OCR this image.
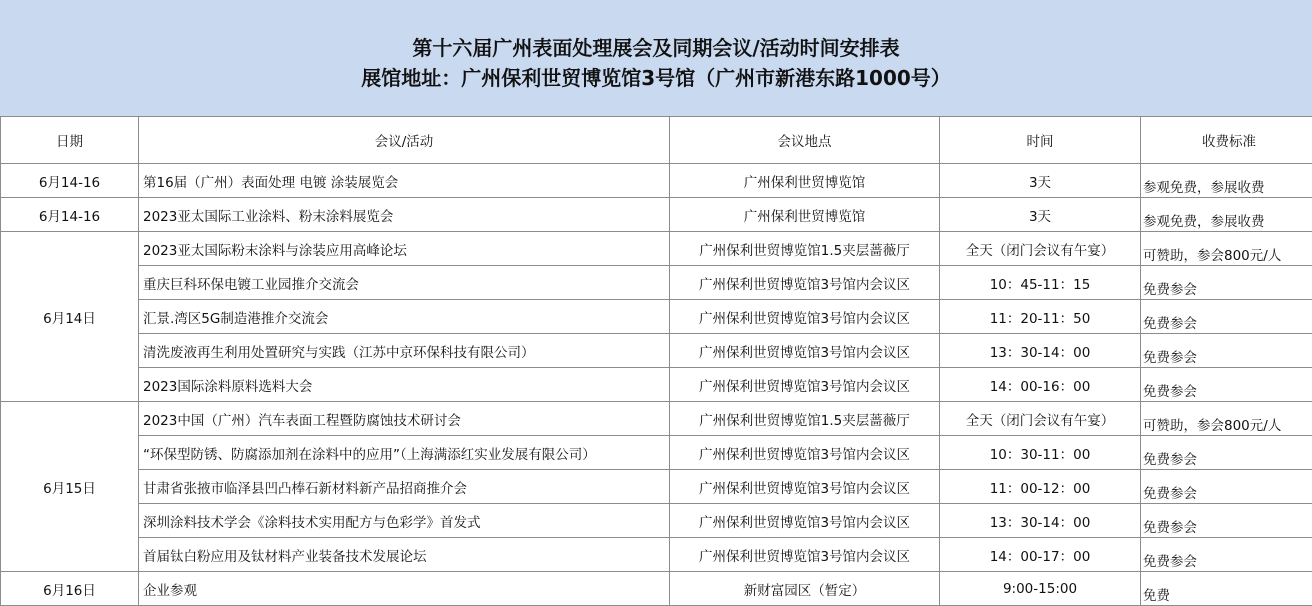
第十六届广州表面处理展会及同期会议/活动时间安排表
展馆地址：广州保利世贸博览馆3号馆（广州市新港东路1000号）
日期	会议/活动	会议地点	时间	收费标准
6月14-16	第16届（广州）表面处理 电镀 涂装展览会	广州保利世贸博览馆	3天	参观免费，参展收费
6月14-16	2023亚太国际工业涂料、粉末涂料展览会	广州保利世贸博览馆	3天	参观免费，参展收费
6月14日	2023亚太国际粉末涂料与涂装应用高峰论坛	广州保利世贸博览馆1.5夹层蔷薇厅	全天（闭门会议有午宴）	可赞助，参会800元/人
	重庆巨科环保电镀工业园推介交流会	广州保利世贸博览馆3号馆内会议区	10：45-11：15	免费参会
	汇景.湾区5G制造港推介交流会	广州保利世贸博览馆3号馆内会议区	11：20-11：50	免费参会
	清洗废液再生利用处置研究与实践（江苏中京环保科技有限公司）	广州保利世贸博览馆3号馆内会议区	13：30-14：00	免费参会
	2023国际涂料原料选料大会	广州保利世贸博览馆3号馆内会议区	14：00-16：00	免费参会
6月15日	2023中国（广州）汽车表面工程暨防腐蚀技术研讨会	广州保利世贸博览馆1.5夹层蔷薇厅	全天（闭门会议有午宴）	可赞助，参会800元/人
	“环保型防锈、防腐添加剂在涂料中的应用”（上海满添红实业发展有限公司）	广州保利世贸博览馆3号馆内会议区	10：30-11：00	免费参会
	甘肃省张掖市临泽县凹凸棒石新材料新产品招商推介会	广州保利世贸博览馆3号馆内会议区	11：00-12：00	免费参会
	深圳涂料技术学会《涂料技术实用配方与色彩学》首发式	广州保利世贸博览馆3号馆内会议区	13：30-14：00	免费参会
	首届钛白粉应用及钛材料产业装备技术发展论坛	广州保利世贸博览馆3号馆内会议区	14：00-17：00	免费参会
6月16日	企业参观	新财富园区（暂定）	9:00-15:00	免费
